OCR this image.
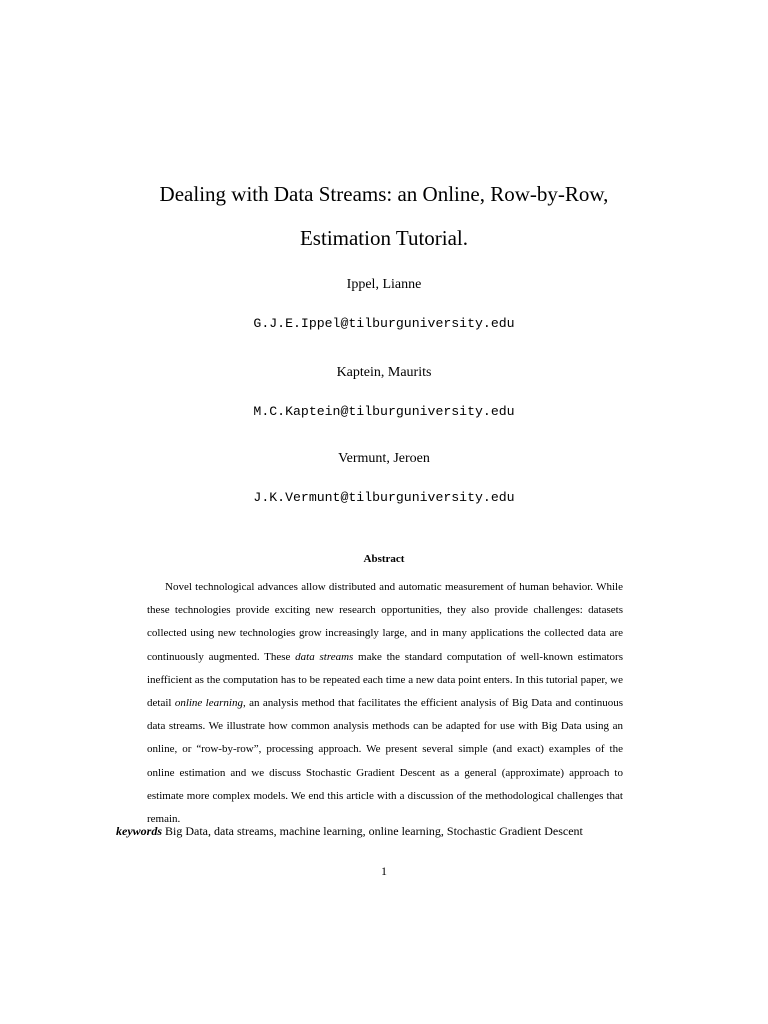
Dealing with Data Streams: an Online, Row-by-Row,
Estimation Tutorial.
Ippel, Lianne
G.J.E.Ippel@tilburguniversity.edu
Kaptein, Maurits
M.C.Kaptein@tilburguniversity.edu
Vermunt, Jeroen
J.K.Vermunt@tilburguniversity.edu
Abstract

Novel technological advances allow distributed and automatic measurement of human behavior. While these technologies provide exciting new research opportunities, they also provide challenges: datasets collected using new technologies grow increasingly large, and in many applications the collected data are continuously augmented. These data streams make the standard computation of well-known estimators inefficient as the computation has to be repeated each time a new data point enters. In this tutorial paper, we detail online learning, an analysis method that facilitates the efficient analysis of Big Data and continuous data streams. We illustrate how common analysis methods can be adapted for use with Big Data using an online, or “row-by-row”, processing approach. We present several simple (and exact) examples of the online estimation and we discuss Stochastic Gradient Descent as a general (approximate) approach to estimate more complex models. We end this article with a discussion of the methodological challenges that remain.

keywords Big Data, data streams, machine learning, online learning, Stochastic Gradient Descent
1
